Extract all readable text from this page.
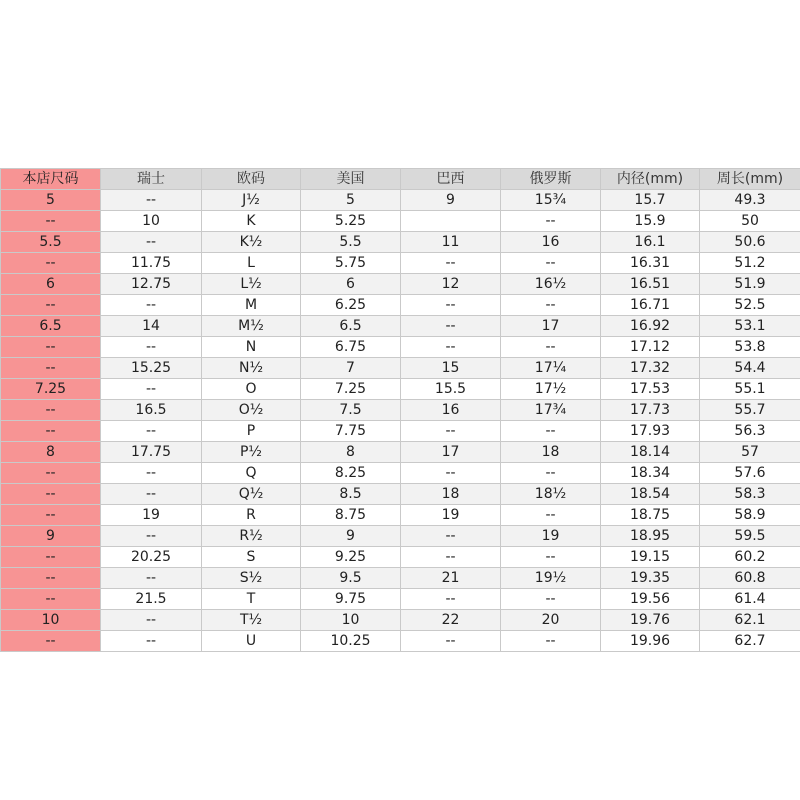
本店尺码	瑞士	欧码	美国	巴西	俄罗斯	内径(mm)	周长(mm)
5	--	J½	5	9	15¾	15.7	49.3
--	10	K	5.25		--	15.9	50
5.5	--	K½	5.5	11	16	16.1	50.6
--	11.75	L	5.75	--	--	16.31	51.2
6	12.75	L½	6	12	16½	16.51	51.9
--	--	M	6.25	--	--	16.71	52.5
6.5	14	M½	6.5	--	17	16.92	53.1
--	--	N	6.75	--	--	17.12	53.8
--	15.25	N½	7	15	17¼	17.32	54.4
7.25	--	O	7.25	15.5	17½	17.53	55.1
--	16.5	O½	7.5	16	17¾	17.73	55.7
--	--	P	7.75	--	--	17.93	56.3
8	17.75	P½	8	17	18	18.14	57
--	--	Q	8.25	--	--	18.34	57.6
--	--	Q½	8.5	18	18½	18.54	58.3
--	19	R	8.75	19	--	18.75	58.9
9	--	R½	9	--	19	18.95	59.5
--	20.25	S	9.25	--	--	19.15	60.2
--	--	S½	9.5	21	19½	19.35	60.8
--	21.5	T	9.75	--	--	19.56	61.4
10	--	T½	10	22	20	19.76	62.1
--	--	U	10.25	--	--	19.96	62.7
